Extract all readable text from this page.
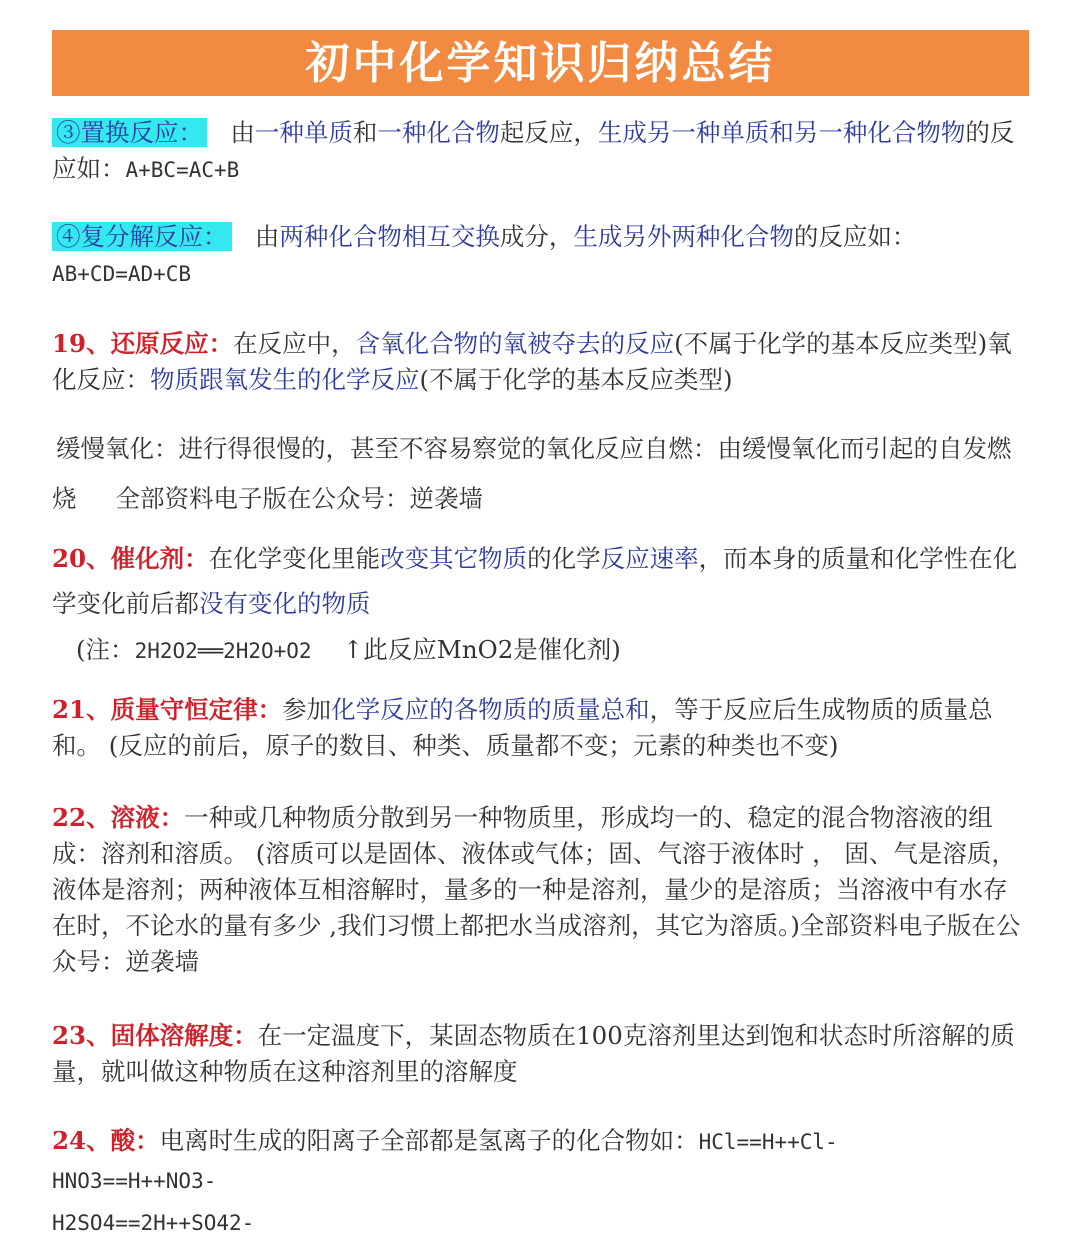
初中化学知识归纳总结

③置换反应： 由一种单质和一种化合物起反应，生成另一种单质和另一种化合物物的反应如：A+BC=AC+B

④复分解反应： 由两种化合物相互交换成分，生成另外两种化合物的反应如：
AB+CD=AD+CB

19、还原反应：在反应中，含氧化合物的氧被夺去的反应(不属于化学的基本反应类型)氧化反应：物质跟氧发生的化学反应(不属于化学的基本反应类型)

缓慢氧化：进行得很慢的，甚至不容易察觉的氧化反应自燃：由缓慢氧化而引起的自发燃烧 全部资料电子版在公众号：逆袭墙

20、催化剂：在化学变化里能改变其它物质的化学反应速率，而本身的质量和化学性在化学变化前后都没有变化的物质

(注：2H2O2══2H2O+O2 ↑此反应MnO2是催化剂)

21、质量守恒定律：参加化学反应的各物质的质量总和，等于反应后生成物质的质量总和。 (反应的前后，原子的数目、种类、质量都不变；元素的种类也不变)

22、溶液：一种或几种物质分散到另一种物质里，形成均一的、稳定的混合物溶液的组成：溶剂和溶质。 (溶质可以是固体、液体或气体；固、气溶于液体时 ， 固、气是溶质，液体是溶剂；两种液体互相溶解时，量多的一种是溶剂，量少的是溶质；当溶液中有水存在时，不论水的量有多少 ,我们习惯上都把水当成溶剂，其它为溶质。)全部资料电子版在公众号：逆袭墙

23、固体溶解度：在一定温度下，某固态物质在100克溶剂里达到饱和状态时所溶解的质量，就叫做这种物质在这种溶剂里的溶解度

24、酸：电离时生成的阳离子全部都是氢离子的化合物如：HCl==H++Cl-
HNO3==H++NO3-

H2SO4==2H++SO42-
